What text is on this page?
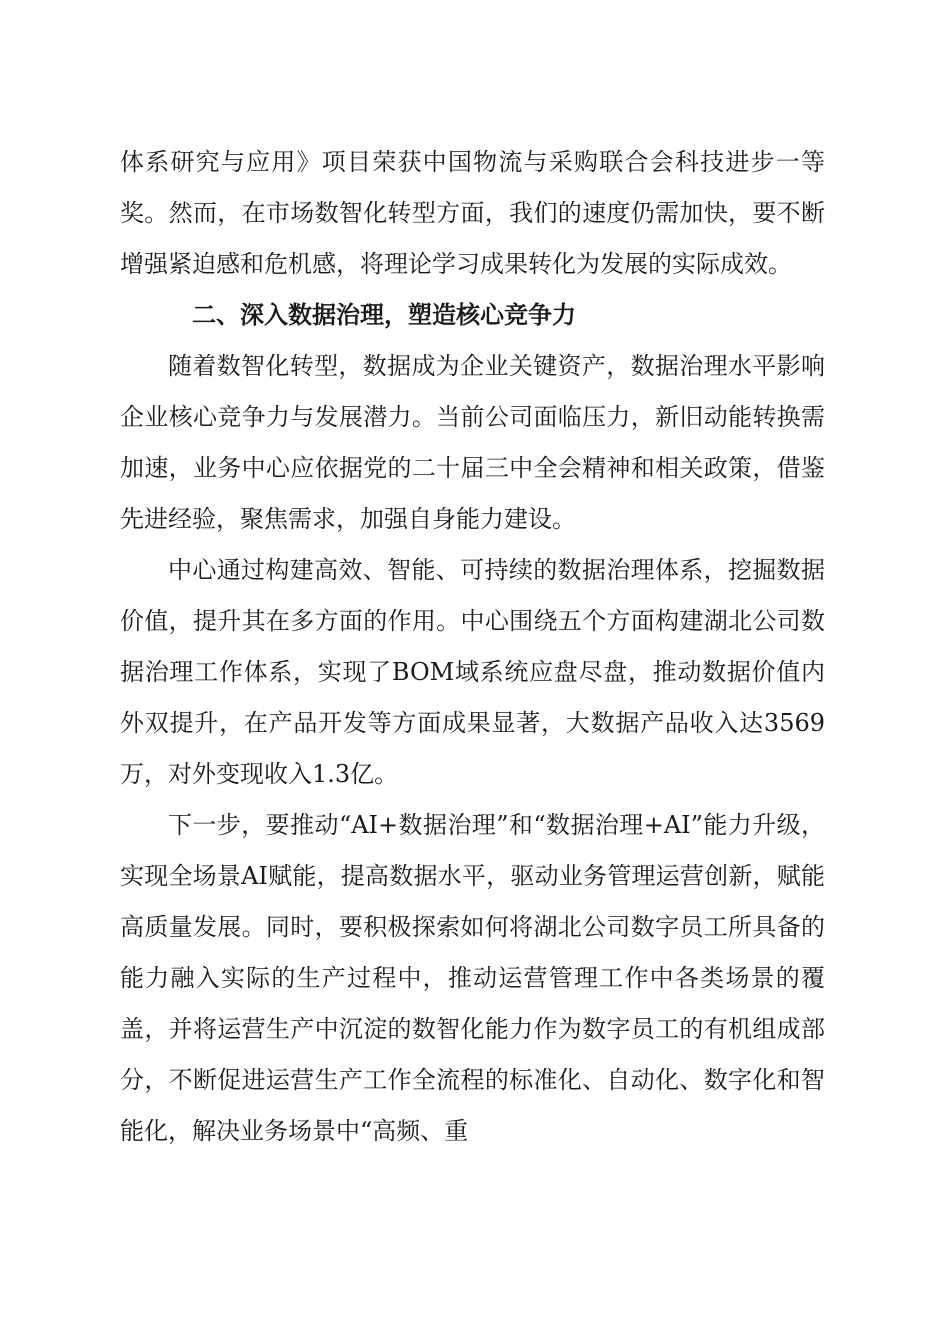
体系研究与应用》项目荣获中国物流与采购联合会科技进步一等奖。然而，在市场数智化转型方面，我们的速度仍需加快，要不断增强紧迫感和危机感，将理论学习成果转化为发展的实际成效。

二、深入数据治理，塑造核心竞争力

随着数智化转型，数据成为企业关键资产，数据治理水平影响企业核心竞争力与发展潜力。当前公司面临压力，新旧动能转换需加速，业务中心应依据党的二十届三中全会精神和相关政策，借鉴先进经验，聚焦需求，加强自身能力建设。

中心通过构建高效、智能、可持续的数据治理体系，挖掘数据价值，提升其在多方面的作用。中心围绕五个方面构建湖北公司数据治理工作体系，实现了BOM域系统应盘尽盘，推动数据价值内外双提升，在产品开发等方面成果显著，大数据产品收入达3569万，对外变现收入1.3亿。

下一步，要推动“AI+数据治理”和“数据治理+AI”能力升级，实现全场景AI赋能，提高数据水平，驱动业务管理运营创新，赋能高质量发展。同时，要积极探索如何将湖北公司数字员工所具备的能力融入实际的生产过程中，推动运营管理工作中各类场景的覆盖，并将运营生产中沉淀的数智化能力作为数字员工的有机组成部分，不断促进运营生产工作全流程的标准化、自动化、数字化和智能化，解决业务场景中“高频、重
